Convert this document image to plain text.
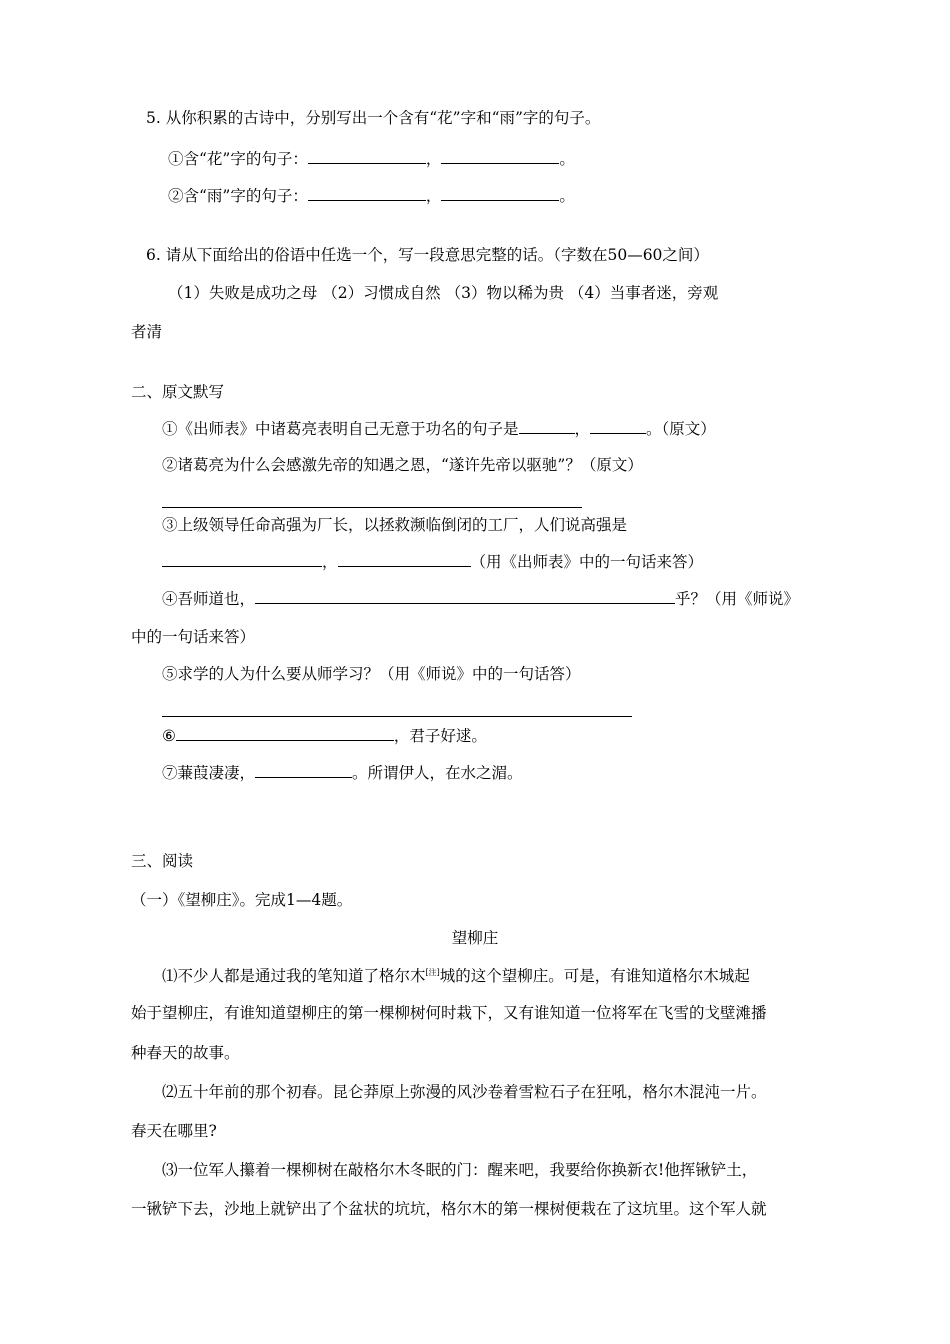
5. 从你积累的古诗中，分别写出一个含有“花”字和“雨”字的句子。
①含“花”字的句子：	，	。
②含“雨”字的句子：	，	。
6. 请从下面给出的俗语中任选一个，写一段意思完整的话。（字数在50—60之间）
（1）失败是成功之母 （2）习惯成自然 （3）物以稀为贵 （4）当事者迷，旁观
者清
二、原文默写
①《出师表》中诸葛亮表明自己无意于功名的句子是	，	。（原文）
②诸葛亮为什么会感激先帝的知遇之恩，“遂许先帝以驱驰”？（原文）
③上级领导任命高强为厂长，以拯救濒临倒闭的工厂，人们说高强是
，	（用《出师表》中的一句话来答）
④吾师道也，	乎？（用《师说》
中的一句话来答）
⑤求学的人为什么要从师学习？（用《师说》中的一句话答）
⑥	，君子好逑。
⑦蒹葭凄凄，	。所谓伊人，在水之湄。
三、阅读
（一）《望柳庄》。完成1—4题。
望柳庄
⑴不少人都是通过我的笔知道了格尔木[注]城的这个望柳庄。可是，有谁知道格尔木城起
始于望柳庄，有谁知道望柳庄的第一棵柳树何时栽下，又有谁知道一位将军在飞雪的戈壁滩播
种春天的故事。
⑵五十年前的那个初春。昆仑莽原上弥漫的风沙卷着雪粒石子在狂吼，格尔木混沌一片。
春天在哪里?
⑶一位军人攥着一棵柳树在敲格尔木冬眠的门：醒来吧，我要给你换新衣!他挥锹铲土，
一锹铲下去，沙地上就铲出了个盆状的坑坑，格尔木的第一棵树便栽在了这坑里。这个军人就
